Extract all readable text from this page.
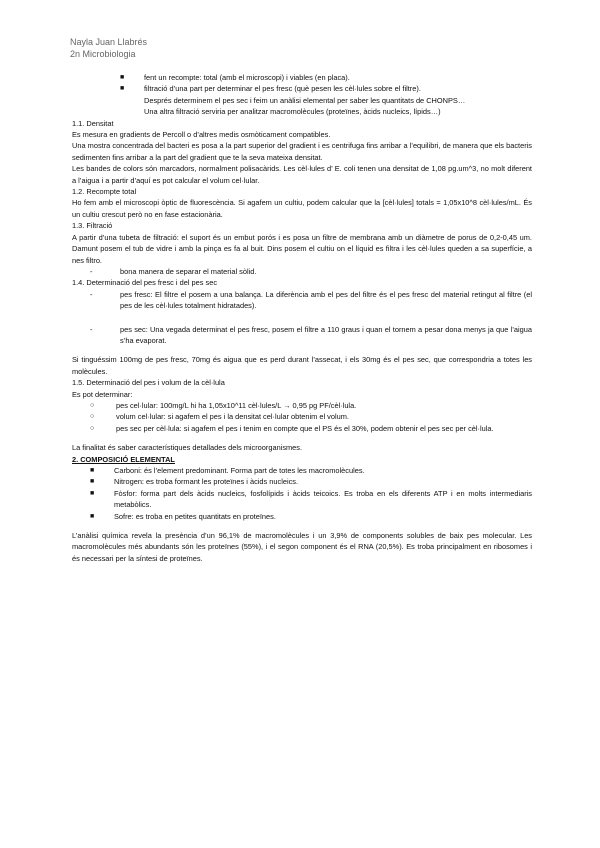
Nayla Juan Llabrés
2n Microbiologia
■ fent un recompte: total (amb el microscopi) i viables (en placa).
■ filtració d’una part per determinar el pes fresc (què pesen les cèl·lules sobre el filtre).
Després determinem el pes sec i feim un anàlisi elemental per saber les quantitats de CHONPS…
Una altra filtració serviria per analitzar macromolècules (proteïnes, àcids nucleics, lípids…)

1.1. Densitat

Es mesura en gradients de Percoll o d’altres medis osmòticament compatibles.

Una mostra concentrada del bacteri es posa a la part superior del gradient i es centrifuga fins arribar a l’equilibri, de manera que els bacteris sedimenten fins arribar a la part del gradient que te la seva mateixa densitat.

Les bandes de colors són marcadors, normalment polisacàrids. Les cèl·lules d’ E. coli tenen una densitat de 1,08 pg.um^3, no molt diferent a l’aigua i a partir d’aquí es pot calcular el volum cel·lular.

1.2. Recompte total

Ho fem amb el microscopi òptic de fluorescència. Si agafem un cultiu, podem calcular que la [cèl·lules] totals = 1,05x10^8 cèl·lules/mL. És un cultiu crescut però no en fase estacionària.

1.3. Filtració

A partir d’una tubeta de filtració: el suport és un embut porós i es posa un filtre de membrana amb un diàmetre de porus de 0,2-0,45 um. Damunt posem el tub de vidre i amb la pinça es fa al buit. Dins posem el cultiu on el líquid es filtra i les cèl·lules queden a sa superfície, a nes filtro.

- bona manera de separar el material sòlid.

1.4. Determinació del pes fresc i del pes sec

- pes fresc: El filtre el posem a una balança. La diferència amb el pes del filtre és el pes fresc del material retingut al filtre (el pes de les cèl·lules totalment hidratades).
- pes sec: Una vegada determinat el pes fresc, posem el filtre a 110 graus i quan el tornem a pesar dona menys ja que l’aigua s’ha evaporat.

Si tinguéssim 100mg de pes fresc, 70mg és aigua que es perd durant l’assecat, i els 30mg és el pes sec, que correspondria a totes les molècules.

1.5. Determinació del pes i volum de la cèl·lula

Es pot determinar:

○ pes cel·lular: 100mg/L hi ha 1,05x10^11 cèl·lules/L → 0,95 pg PF/cèl·lula.
○ volum cel·lular: si agafem el pes i la densitat cel·lular obtenim el volum.
○ pes sec per cèl·lula: si agafem el pes i tenim en compte que el PS és el 30%, podem obtenir el pes sec per cèl·lula.

La finalitat és saber característiques detallades dels microorganismes.

2. COMPOSICIÓ ELEMENTAL

■ Carboni: és l’element predominant. Forma part de totes les macromolècules.
■ Nitrogen: es troba formant les proteïnes i àcids nucleics.
■ Fòsfor: forma part dels àcids nucleics, fosfolípids i àcids teicoics. Es troba en els diferents ATP i en molts intermediaris metabòlics.
■ Sofre: es troba en petites quantitats en proteïnes.

L’anàlisi química revela la presència d’un 96,1% de macromolècules i un 3,9% de components solubles de baix pes molecular. Les macromolècules més abundants són les proteïnes (55%), i el segon component és el RNA (20,5%). Es troba principalment en ribosomes i és necessari per la síntesi de proteïnes.
